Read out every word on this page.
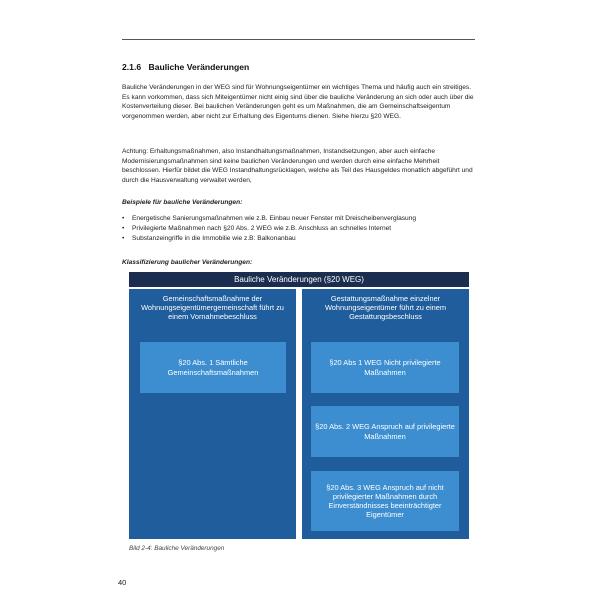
2.1.6 Bauliche Veränderungen
Bauliche Veränderungen in der WEG sind für Wohnungseigentümer ein wichtiges Thema und häufig auch ein streitiges. Es kann vorkommen, dass sich Miteigentümer nicht einig sind über die bauliche Veränderung an sich oder auch über die Kostenverteilung dieser. Bei baulichen Veränderungen geht es um Maßnahmen, die am Gemeinschaftseigentum vorgenommen werden, aber nicht zur Erhaltung des Eigentums dienen. Siehe hierzu §20 WEG.
Achtung: Erhaltungsmaßnahmen, also Instandhaltungsmaßnahmen, Instandsetzungen, aber auch einfache Modernisierungsmaßnahmen sind keine baulichen Veränderungen und werden durch eine einfache Mehrheit beschlossen. Hierfür bildet die WEG Instandhaltungsrücklagen, welche als Teil des Hausgeldes monatlich abgeführt und durch die Hausverwaltung verwaltet werden,
Beispiele für bauliche Veränderungen:
• Energetische Sanierungsmaßnahmen wie z.B. Einbau neuer Fenster mit Dreischeibenverglasung
• Privilegierte Maßnahmen nach §20 Abs. 2 WEG wie z.B. Anschluss an schnelles Internet
• Substanzeingriffe in die Immobilie wie z.B: Balkonanbau
Klassifizierung baulicher Veränderungen:
Bauliche Veränderungen (§20 WEG)
Gemeinschaftsmaßnahme der Wohnungseigentümergemeinschaft führt zu einem Vornahmebeschluss
§20 Abs. 1 Sämtliche Gemeinschaftsmaßnahmen
Gestattungsmaßnahme einzelner Wohnungseigentümer führt zu einem Gestattungsbeschluss
§20 Abs 1 WEG Nicht privilegierte Maßnahmen
§20 Abs. 2 WEG Anspruch auf privilegierte Maßnahmen
§20 Abs. 3 WEG Anspruch auf nicht privilegierter Maßnahmen durch Einverständnisses beeinträchtigter Eigentümer
Bild 2-4: Bauliche Veränderungen
40
